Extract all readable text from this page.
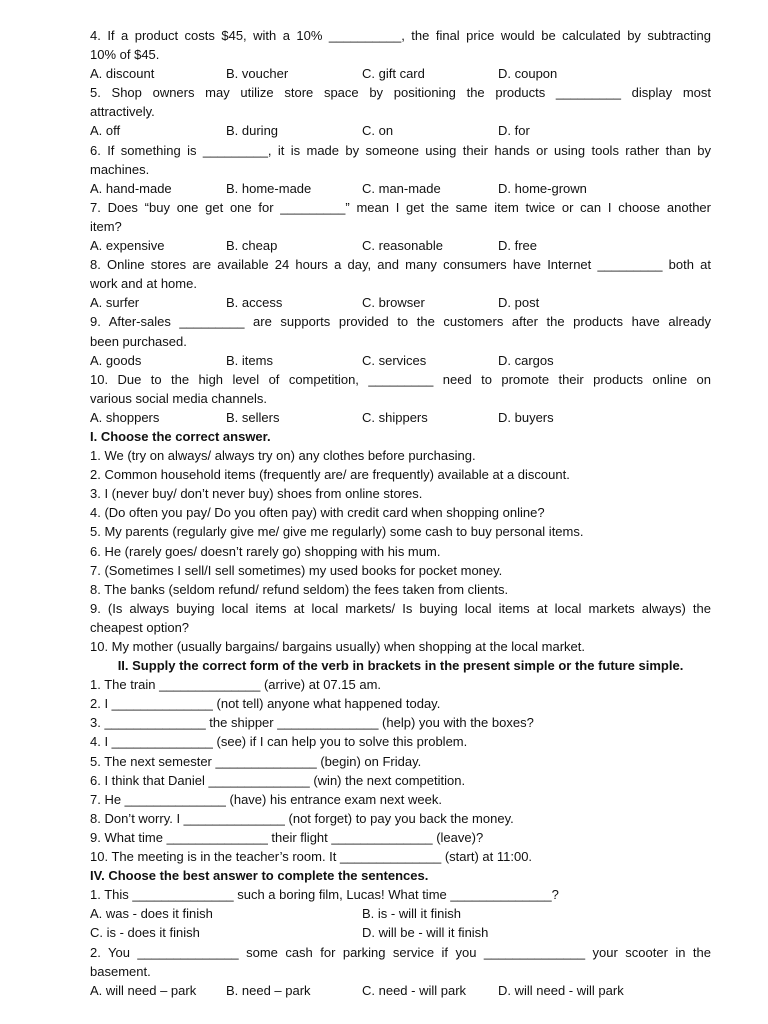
4. If a product costs $45, with a 10% __________, the final price would be calculated by subtracting
10% of $45.
A. discount	B. voucher	C. gift card	D. coupon
5. Shop owners may utilize store space by positioning the products _________ display most
attractively.
A. off	B. during	C. on	D. for
6. If something is _________, it is made by someone using their hands or using tools rather than by
machines.
A. hand-made	B. home-made	C. man-made	D. home-grown
7. Does “buy one get one for _________” mean I get the same item twice or can I choose another
item?
A. expensive	B. cheap	C. reasonable	D. free
8. Online stores are available 24 hours a day, and many consumers have Internet _________ both at
work and at home.
A. surfer	B. access	C. browser	D. post
9. After-sales _________ are supports provided to the customers after the products have already
been purchased.
A. goods	B. items	C. services	D. cargos
10. Due to the high level of competition, _________ need to promote their products online on
various social media channels.
A. shoppers	B. sellers	C. shippers	D. buyers
I. Choose the correct answer.
1. We (try on always/ always try on) any clothes before purchasing.
2. Common household items (frequently are/ are frequently) available at a discount.
3. I (never buy/ don’t never buy) shoes from online stores.
4. (Do often you pay/ Do you often pay) with credit card when shopping online?
5. My parents (regularly give me/ give me regularly) some cash to buy personal items.
6. He (rarely goes/ doesn’t rarely go) shopping with his mum.
7. (Sometimes I sell/I sell sometimes) my used books for pocket money.
8. The banks (seldom refund/ refund seldom) the fees taken from clients.
9. (Is always buying local items at local markets/ Is buying local items at local markets always) the
cheapest option?
10. My mother (usually bargains/ bargains usually) when shopping at the local market.
II. Supply the correct form of the verb in brackets in the present simple or the future simple.
1. The train ______________ (arrive) at 07.15 am.
2. I ______________ (not tell) anyone what happened today.
3. ______________ the shipper ______________ (help) you with the boxes?
4. I ______________ (see) if I can help you to solve this problem.
5. The next semester ______________ (begin) on Friday.
6. I think that Daniel ______________ (win) the next competition.
7. He ______________ (have) his entrance exam next week.
8. Don’t worry. I ______________ (not forget) to pay you back the money.
9. What time ______________ their flight ______________ (leave)?
10. The meeting is in the teacher’s room. It ______________ (start) at 11:00.
IV. Choose the best answer to complete the sentences.
1. This ______________ such a boring film, Lucas! What time ______________?
A. was - does it finish	B. is - will it finish
C. is - does it finish	D. will be - will it finish
2. You ______________ some cash for parking service if you ______________ your scooter in the
basement.
A. will need – park	B. need – park	C. need - will park	D. will need - will park
